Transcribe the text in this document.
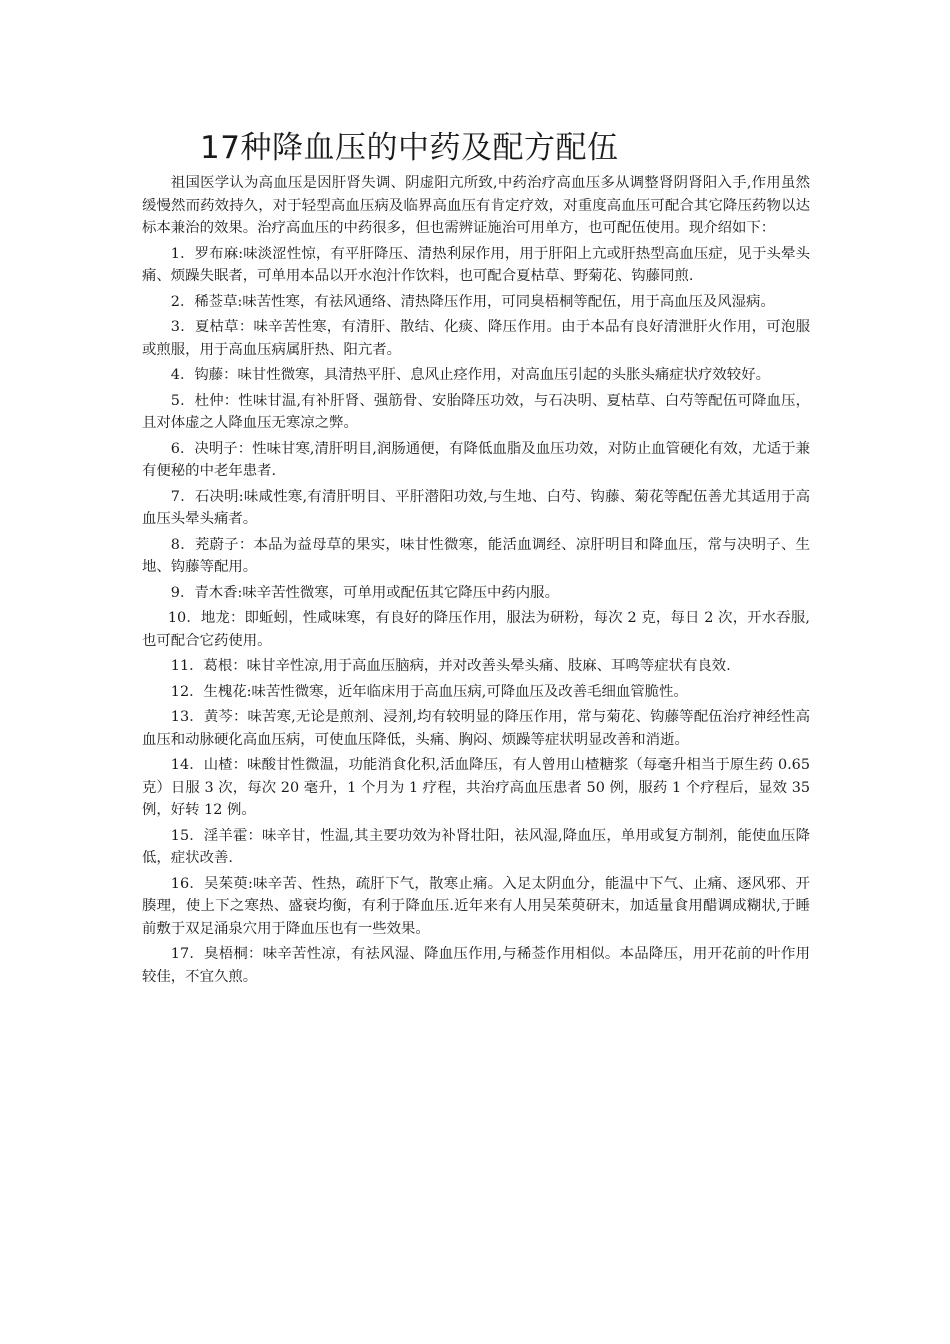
17种降血压的中药及配方配伍

祖国医学认为高血压是因肝肾失调、阴虚阳亢所致,中药治疗高血压多从调整肾阴肾阳入手,作用虽然缓慢然而药效持久，对于轻型高血压病及临界高血压有肯定疗效，对重度高血压可配合其它降压药物以达标本兼治的效果。治疗高血压的中药很多，但也需辨证施治可用单方，也可配伍使用。现介绍如下：

1．罗布麻:味淡涩性惊，有平肝降压、清热利尿作用，用于肝阳上亢或肝热型高血压症，见于头晕头痛、烦躁失眠者，可单用本品以开水泡汁作饮料，也可配合夏枯草、野菊花、钩藤同煎.

2．稀莶草:味苦性寒，有祛风通络、清热降压作用，可同臭梧桐等配伍，用于高血压及风湿病。

3．夏枯草：味辛苦性寒，有清肝、散结、化痰、降压作用。由于本品有良好清泄肝火作用，可泡服或煎服，用于高血压病属肝热、阳亢者。

4．钩藤：味甘性微寒，具清热平肝、息风止痉作用，对高血压引起的头胀头痛症状疗效较好。

5．杜仲：性味甘温,有补肝肾、强筋骨、安胎降压功效，与石决明、夏枯草、白芍等配伍可降血压，且对体虚之人降血压无寒凉之弊。

6．决明子：性味甘寒,清肝明目,润肠通便，有降低血脂及血压功效，对防止血管硬化有效，尤适于兼有便秘的中老年患者.

7．石决明:味咸性寒,有清肝明目、平肝潜阳功效,与生地、白芍、钩藤、菊花等配伍善尤其适用于高血压头晕头痛者。

8．茺蔚子：本品为益母草的果实，味甘性微寒，能活血调经、凉肝明目和降血压，常与决明子、生地、钩藤等配用。

9．青木香:味辛苦性微寒，可单用或配伍其它降压中药内服。

10．地龙：即蚯蚓，性咸味寒，有良好的降压作用，服法为研粉，每次 2 克，每日 2 次，开水吞服,也可配合它药使用。

11．葛根：味甘辛性凉,用于高血压脑病，并对改善头晕头痛、肢麻、耳鸣等症状有良效.

12．生槐花:味苦性微寒，近年临床用于高血压病,可降血压及改善毛细血管脆性。

13．黄芩：味苦寒,无论是煎剂、浸剂,均有较明显的降压作用，常与菊花、钩藤等配伍治疗神经性高血压和动脉硬化高血压病，可使血压降低，头痛、胸闷、烦躁等症状明显改善和消逝。

14．山楂：味酸甘性微温，功能消食化积,活血降压，有人曾用山楂糖浆（每毫升相当于原生药 0.65 克）日服 3 次，每次 20 毫升，1 个月为 1 疗程，共治疗高血压患者 50 例，服药 1 个疗程后，显效 35 例，好转 12 例。

15．淫羊霍：味辛甘，性温,其主要功效为补肾壮阳，祛风湿,降血压，单用或复方制剂，能使血压降低，症状改善.

16．吴茱萸:味辛苦、性热，疏肝下气，散寒止痛。入足太阴血分，能温中下气、止痛、逐风邪、开腠理，使上下之寒热、盛衰均衡，有利于降血压.近年来有人用吴茱萸研末，加适量食用醋调成糊状,于睡前敷于双足涌泉穴用于降血压也有一些效果。

17．臭梧桐：味辛苦性凉，有祛风湿、降血压作用,与稀莶作用相似。本品降压，用开花前的叶作用较佳，不宜久煎。
